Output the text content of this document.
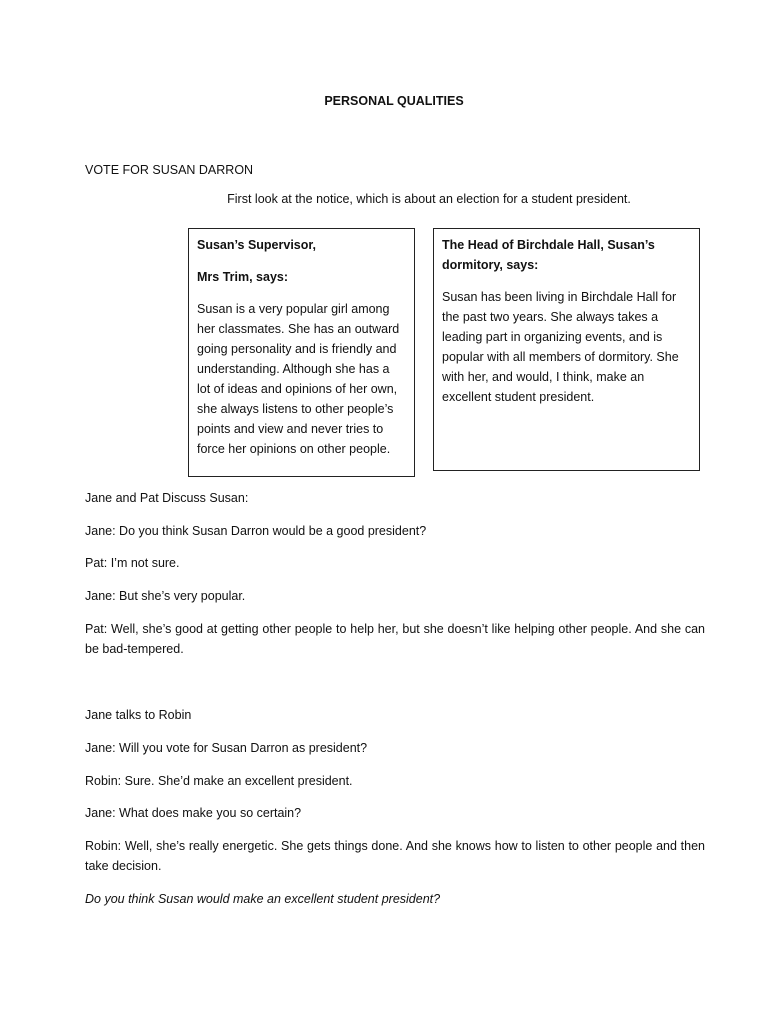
PERSONAL QUALITIES
VOTE FOR SUSAN DARRON
First look at the notice, which is about an election for a student president.
Susan’s Supervisor,
Mrs Trim, says:
Susan is a very popular girl among her classmates. She has an outward going personality and is friendly and understanding. Although she has a lot of ideas and opinions of her own, she always listens to other people’s points and view and never tries to force her opinions on other people.
The Head of Birchdale Hall, Susan’s dormitory, says:
Susan has been living in Birchdale Hall for the past two years. She always takes a leading part in organizing events, and is popular with all members of dormitory. She with her, and would, I think, make an excellent student president.
Jane and Pat Discuss Susan:
Jane: Do you think Susan Darron would be a good president?
Pat: I’m not sure.
Jane: But she’s very popular.
Pat: Well, she’s good at getting other people to help her, but she doesn’t like helping other people. And she can be bad-tempered.
Jane talks to Robin
Jane: Will you vote for Susan Darron as president?
Robin: Sure. She’d make an excellent president.
Jane: What does make you so certain?
Robin: Well, she’s really energetic. She gets things done. And she knows how to listen to other people and then take decision.
Do you think Susan would make an excellent student president?
